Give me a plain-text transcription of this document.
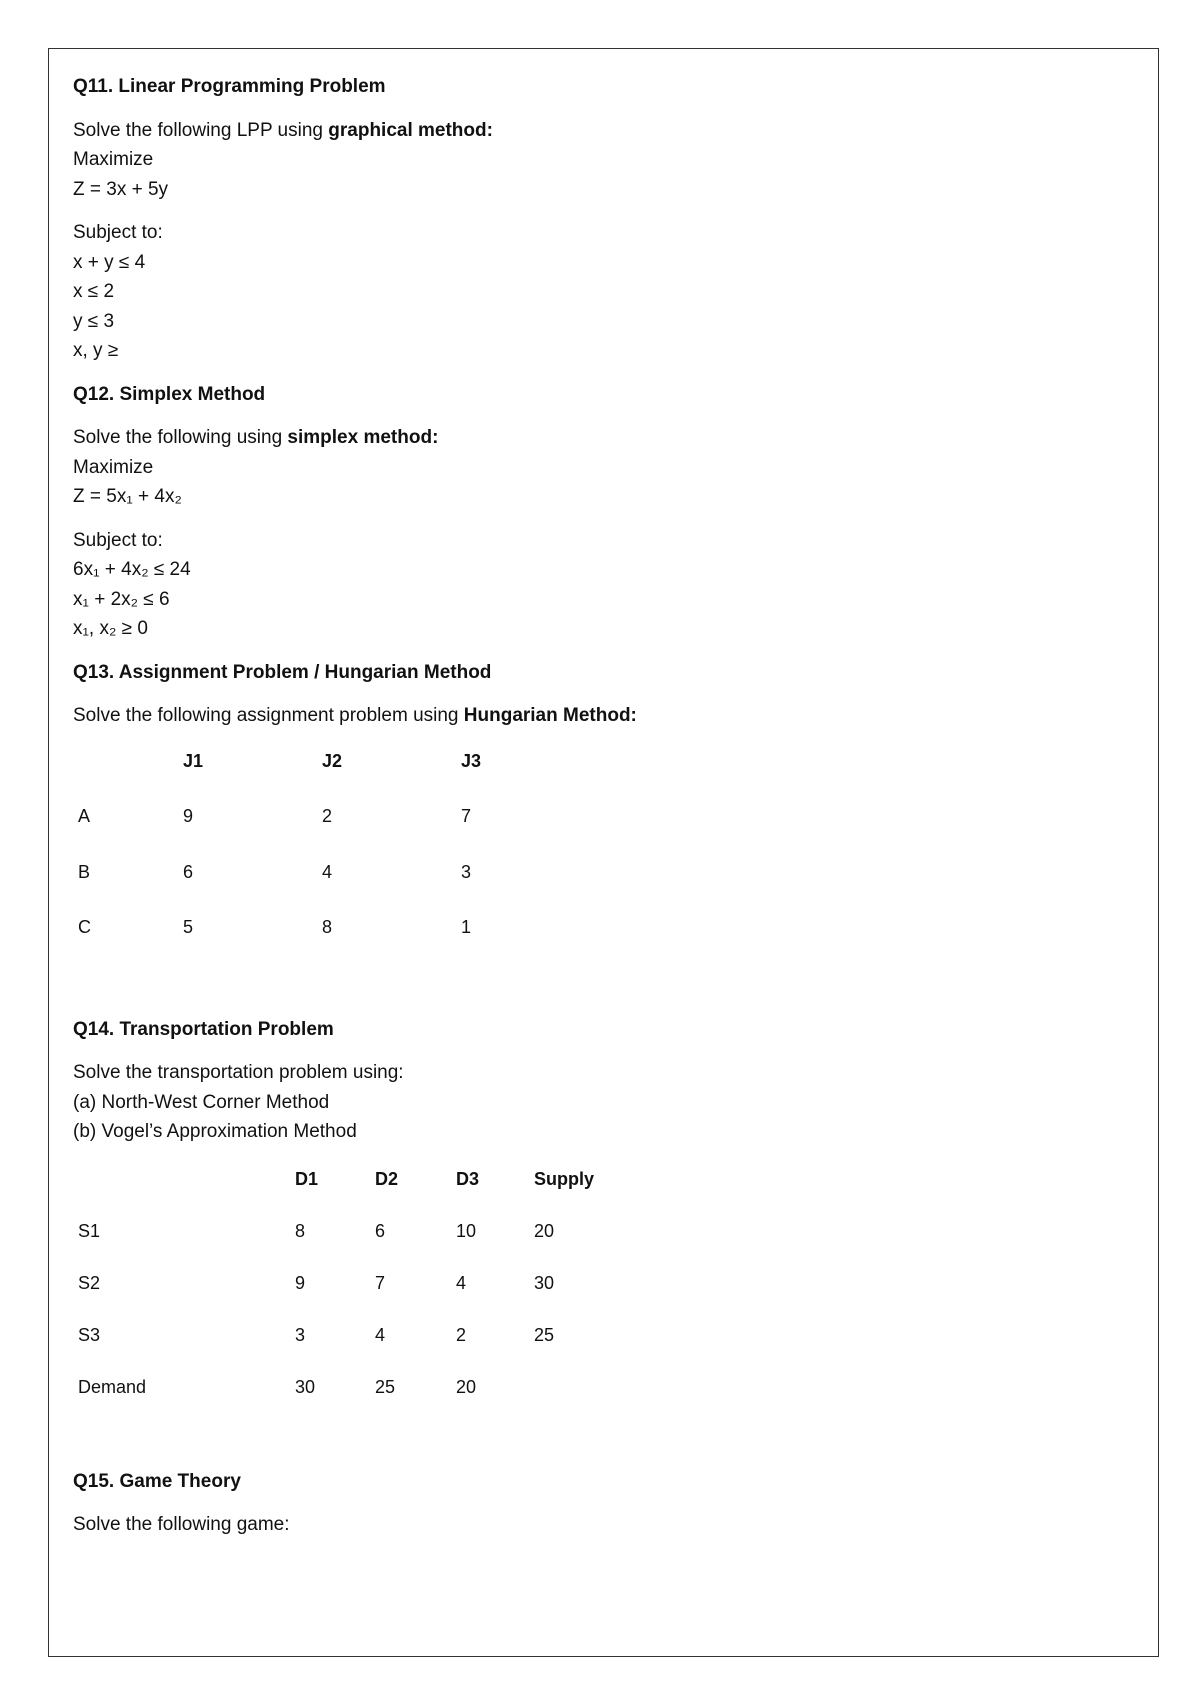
Q11. Linear Programming Problem
Solve the following LPP using graphical method:
Maximize
Z = 3x + 5y
Subject to:
x + y ≤ 4
x ≤ 2
y ≤ 3
x, y ≥
Q12. Simplex Method
Solve the following using simplex method:
Maximize
Z = 5x₁ + 4x₂
Subject to:
6x₁ + 4x₂ ≤ 24
x₁ + 2x₂ ≤ 6
x₁, x₂ ≥ 0
Q13. Assignment Problem / Hungarian Method
Solve the following assignment problem using Hungarian Method:
	J1	J2	J3
A	9	2	7
B	6	4	3
C	5	8	1
Q14. Transportation Problem
Solve the transportation problem using:
(a) North-West Corner Method
(b) Vogel’s Approximation Method
	D1	D2	D3	Supply
S1	8	6	10	20
S2	9	7	4	30
S3	3	4	2	25
Demand	30	25	20	
Q15. Game Theory
Solve the following game:
